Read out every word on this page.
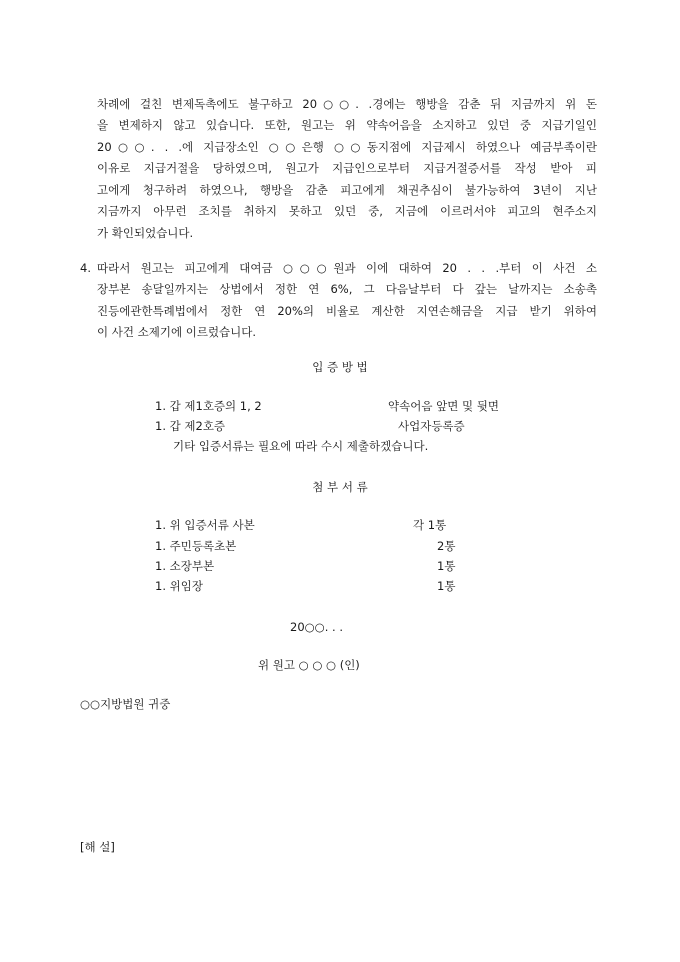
차례에 걸친 변제독촉에도 불구하고 20○○. .경에는 행방을 감춘 뒤 지금까지 위 돈
을 변제하지 않고 있습니다. 또한, 원고는 위 약속어음을 소지하고 있던 중 지급기일인
20○○. . .에 지급장소인 ○○은행 ○○동지점에 지급제시 하였으나 예금부족이란
이유로 지급거절을 당하였으며, 원고가 지급인으로부터 지급거절증서를 작성 받아 피
고에게 청구하려 하였으나, 행방을 감춘 피고에게 채권추심이 불가능하여 3년이 지난
지금까지 아무런 조치를 취하지 못하고 있던 중, 지금에 이르러서야 피고의 현주소지
가 확인되었습니다.
4. 따라서 원고는 피고에게 대여금 ○○○원과 이에 대하여 20 . . .부터 이 사건 소
장부본 송달일까지는 상법에서 정한 연 6%, 그 다음날부터 다 갚는 날까지는 소송촉
진등에관한특례법에서 정한 연 20%의 비율로 계산한 지연손해금을 지급 받기 위하여
이 사건 소제기에 이르렀습니다.
입 증 방 법
1. 갑 제1호증의 1, 2	약속어음 앞면 및 뒷면
1. 갑 제2호증	사업자등록증
기타 입증서류는 필요에 따라 수시 제출하겠습니다.
첨 부 서 류
1. 위 입증서류 사본	각 1통
1. 주민등록초본	2통
1. 소장부본	1통
1. 위임장	1통
20○○. . .
위 원고 ○ ○ ○ (인)
○○지방법원 귀중
[해 설]
